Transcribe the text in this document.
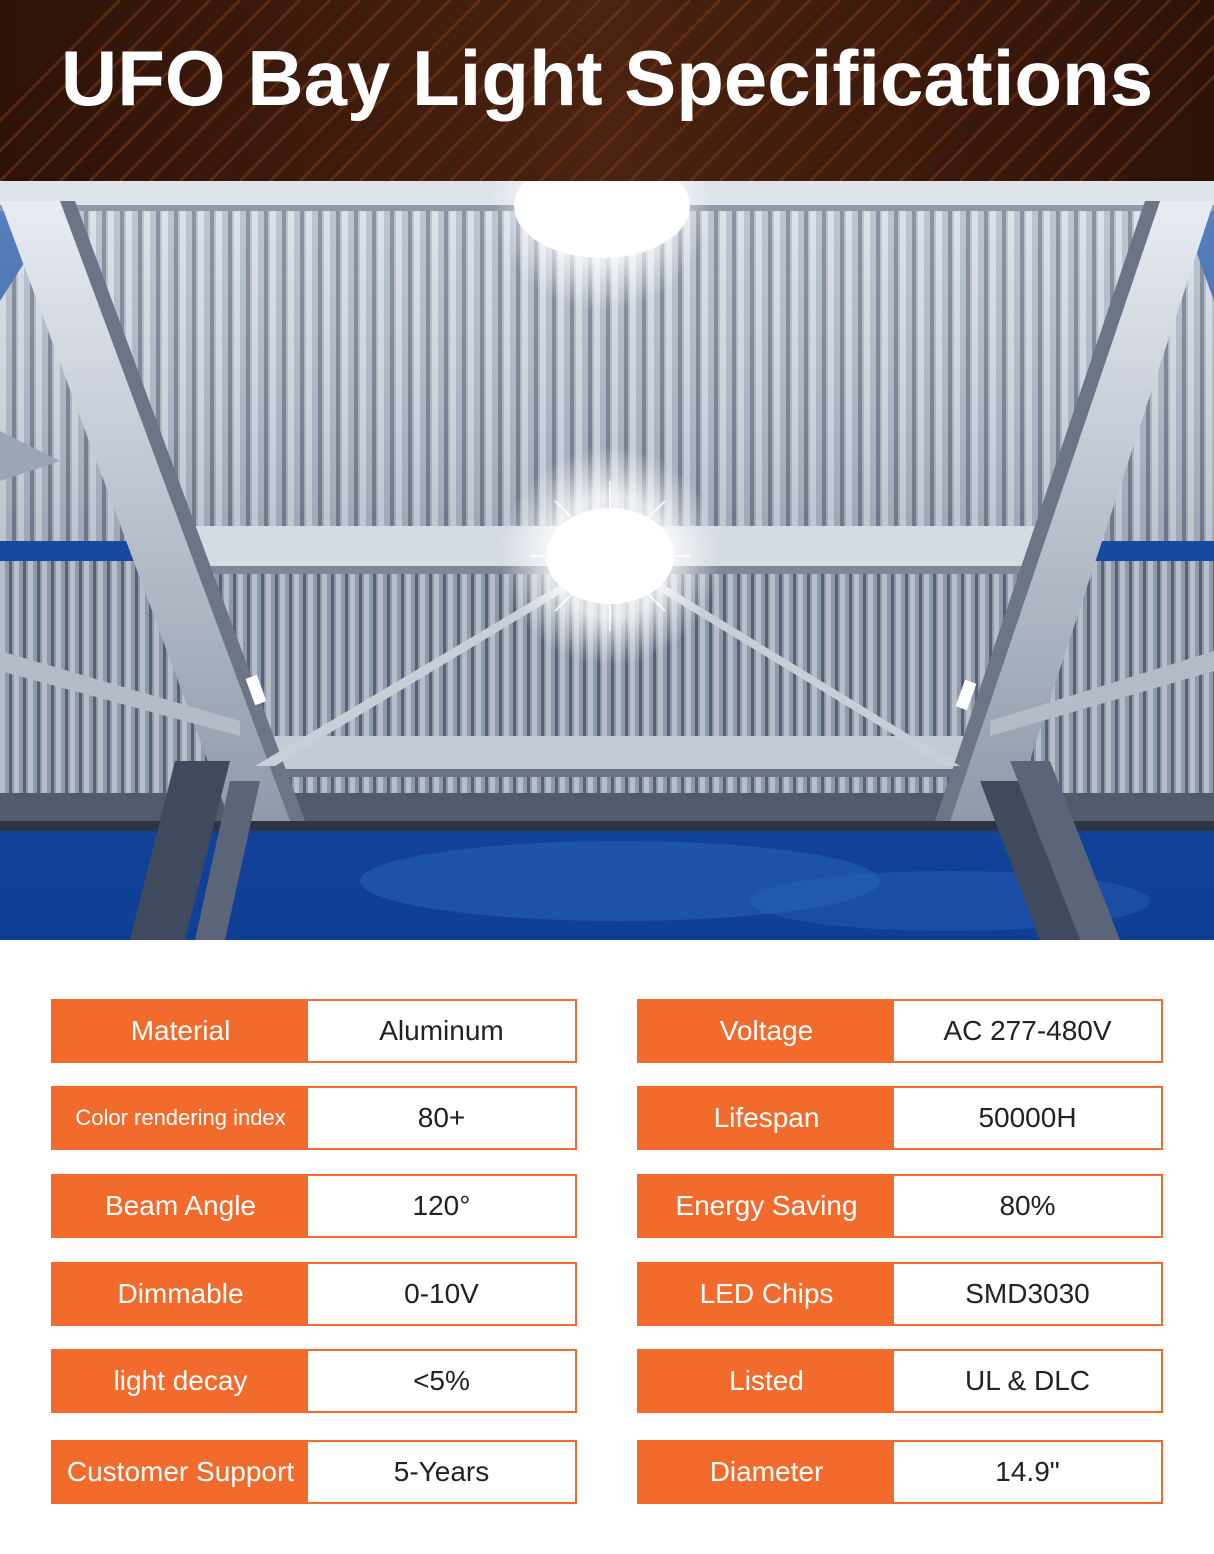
UFO Bay Light Specifications
Material	Aluminum
Color rendering index	80+
Beam Angle	120°
Dimmable	0-10V
light decay	<5%
Customer Support	5-Years
Voltage	AC 277-480V
Lifespan	50000H
Energy Saving	80%
LED Chips	SMD3030
Listed	UL & DLC
Diameter	14.9"
